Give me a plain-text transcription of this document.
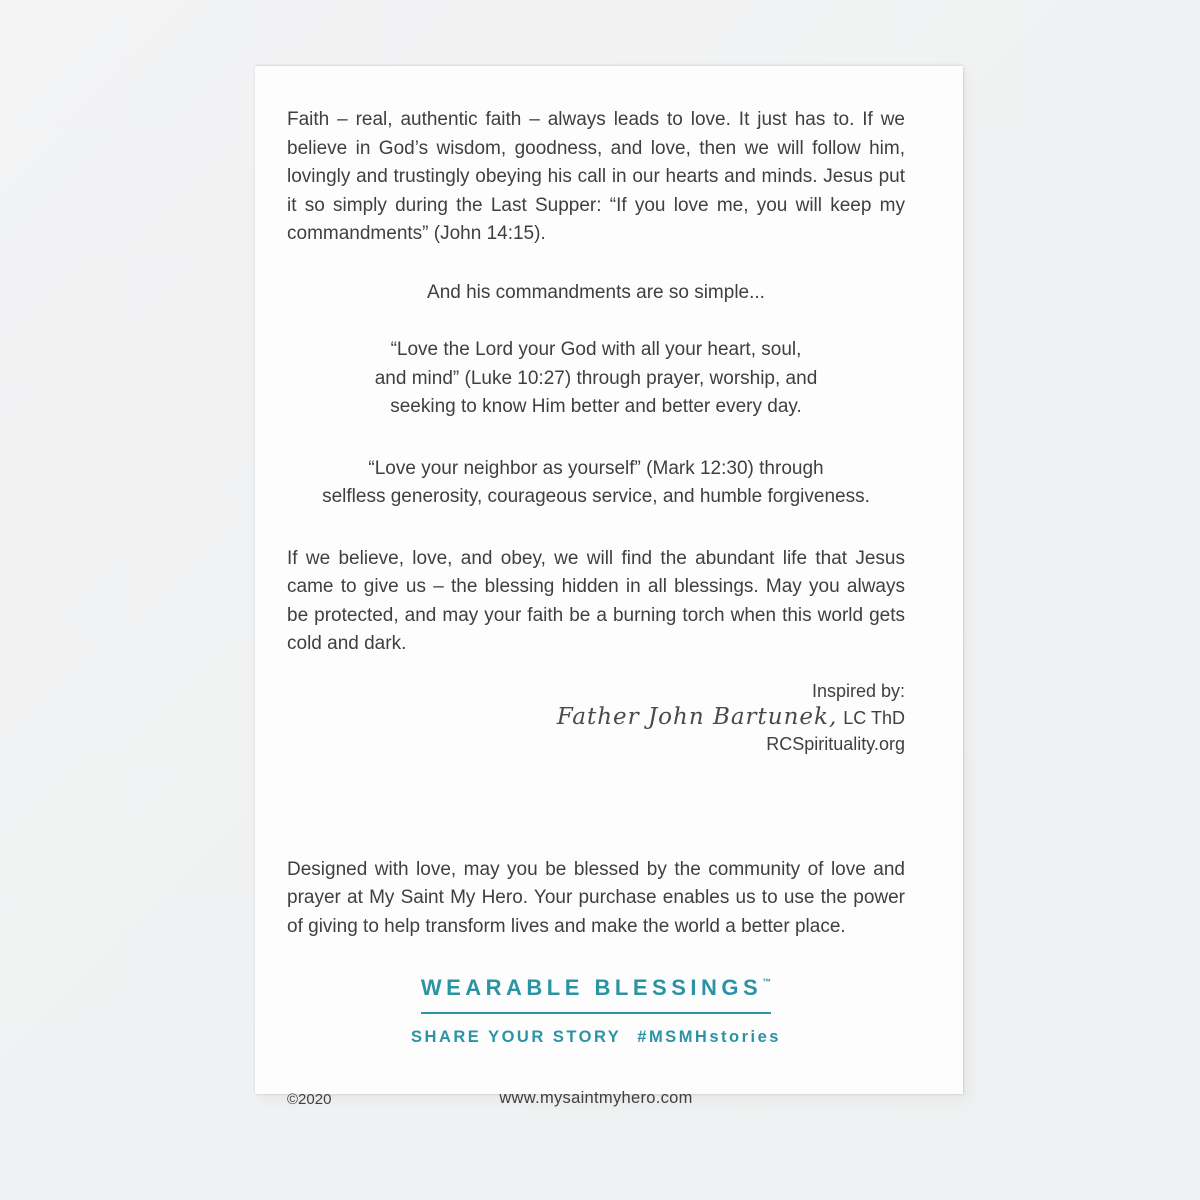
Faith – real, authentic faith – always leads to love. It just has to. If we believe in God’s wisdom, goodness, and love, then we will follow him, lovingly and trustingly obeying his call in our hearts and minds. Jesus put it so simply during the Last Supper: “If you love me, you will keep my commandments” (John 14:15).

And his commandments are so simple...

“Love the Lord your God with all your heart, soul,
and mind” (Luke 10:27) through prayer, worship, and
seeking to know Him better and better every day.
“Love your neighbor as yourself” (Mark 12:30) through
selfless generosity, courageous service, and humble forgiveness.

If we believe, love, and obey, we will find the abundant life that Jesus came to give us – the blessing hidden in all blessings. May you always be protected, and may your faith be a burning torch when this world gets cold and dark.

Inspired by:
Father John Bartunek, LC ThD
RCSpirituality.org

Designed with love, may you be blessed by the community of love and prayer at My Saint My Hero. Your purchase enables us to use the power of giving to help transform lives and make the world a better place.

WEARABLE BLESSINGS™
SHARE YOUR STORY #MSMHstories
©2020	www.mysaintmyhero.com
